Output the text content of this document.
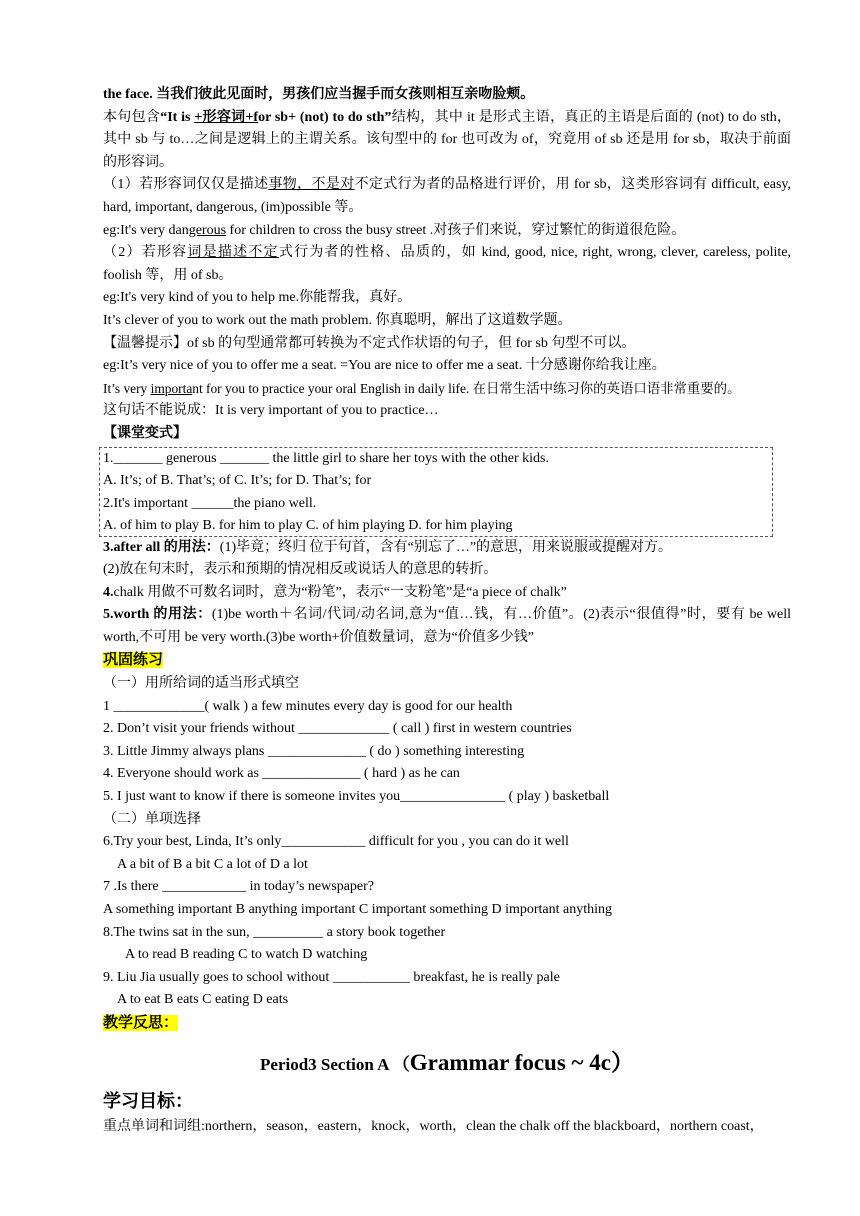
the face. 当我们彼此见面时，男孩们应当握手而女孩则相互亲吻脸颊。
本句包含“It is +形容词+for sb+ (not) to do sth”结构，其中 it 是形式主语，真正的主语是后面的 (not) to do sth，其中 sb 与 to…之间是逻辑上的主谓关系。该句型中的 for 也可改为 of，究竟用 of sb 还是用 for sb，取决于前面的形容词。
（1）若形容词仅仅是描述事物，不是对不定式行为者的品格进行评价，用 for sb，这类形容词有 difficult, easy, hard, important, dangerous, (im)possible 等。
eg:It's very dangerous for children to cross the busy street .对孩子们来说，穿过繁忙的街道很危险。
（2）若形容词是描述不定式行为者的性格、品质的，如 kind, good, nice, right, wrong, clever, careless, polite, foolish 等，用 of sb。
eg:It's very kind of you to help me.你能帮我，真好。
It’s clever of you to work out the math problem. 你真聪明，解出了这道数学题。
【温馨提示】of sb 的句型通常都可转换为不定式作状语的句子，但 for sb 句型不可以。
eg:It’s very nice of you to offer me a seat. =You are nice to offer me a seat. 十分感谢你给我让座。
It’s very important for you to practice your oral English in daily life. 在日常生活中练习你的英语口语非常重要的。
这句话不能说成：It is very important of you to practice…
【课堂变式】
1._______ generous _______ the little girl to share her toys with the other kids.
A. It’s; of B. That’s; of C. It’s; for D. That’s; for
2.It's important ______the piano well.
A. of him to play B. for him to play C. of him playing D. for him playing
3.after all 的用法：(1)毕竟；终归 位于句首，含有“别忘了…”的意思，用来说服或提醒对方。
(2)放在句末时，表示和预期的情况相反或说话人的意思的转折。
4.chalk 用做不可数名词时，意为“粉笔”，表示“一支粉笔”是“a piece of chalk”
5.worth 的用法：(1)be worth＋名词/代词/动名词,意为“值…钱，有…价值”。(2)表示“很值得”时，要有 be well worth,不可用 be very worth.(3)be worth+价值数量词，意为“价值多少钱”
巩固练习
（一）用所给词的适当形式填空
1 _____________( walk ) a few minutes every day is good for our health
2. Don’t visit your friends without _____________ ( call ) first in western countries
3. Little Jimmy always plans ______________ ( do ) something interesting
4. Everyone should work as ______________ ( hard ) as he can
5. I just want to know if there is someone invites you_______________ ( play ) basketball
（二）单项选择
6.Try your best, Linda, It’s only____________ difficult for you , you can do it well
A a bit of B a bit C a lot of D a lot
7 .Is there ____________ in today’s newspaper?
A something important B anything important C important something D important anything
8.The twins sat in the sun, __________ a story book together
A to read B reading C to watch D watching
9. Liu Jia usually goes to school without ___________ breakfast, he is really pale
A to eat B eats C eating D eats
教学反思：
Period3 Section A （Grammar focus ~ 4c）
学习目标：
重点单词和词组:northern，season，eastern，knock，worth，clean the chalk off the blackboard，northern coast，
